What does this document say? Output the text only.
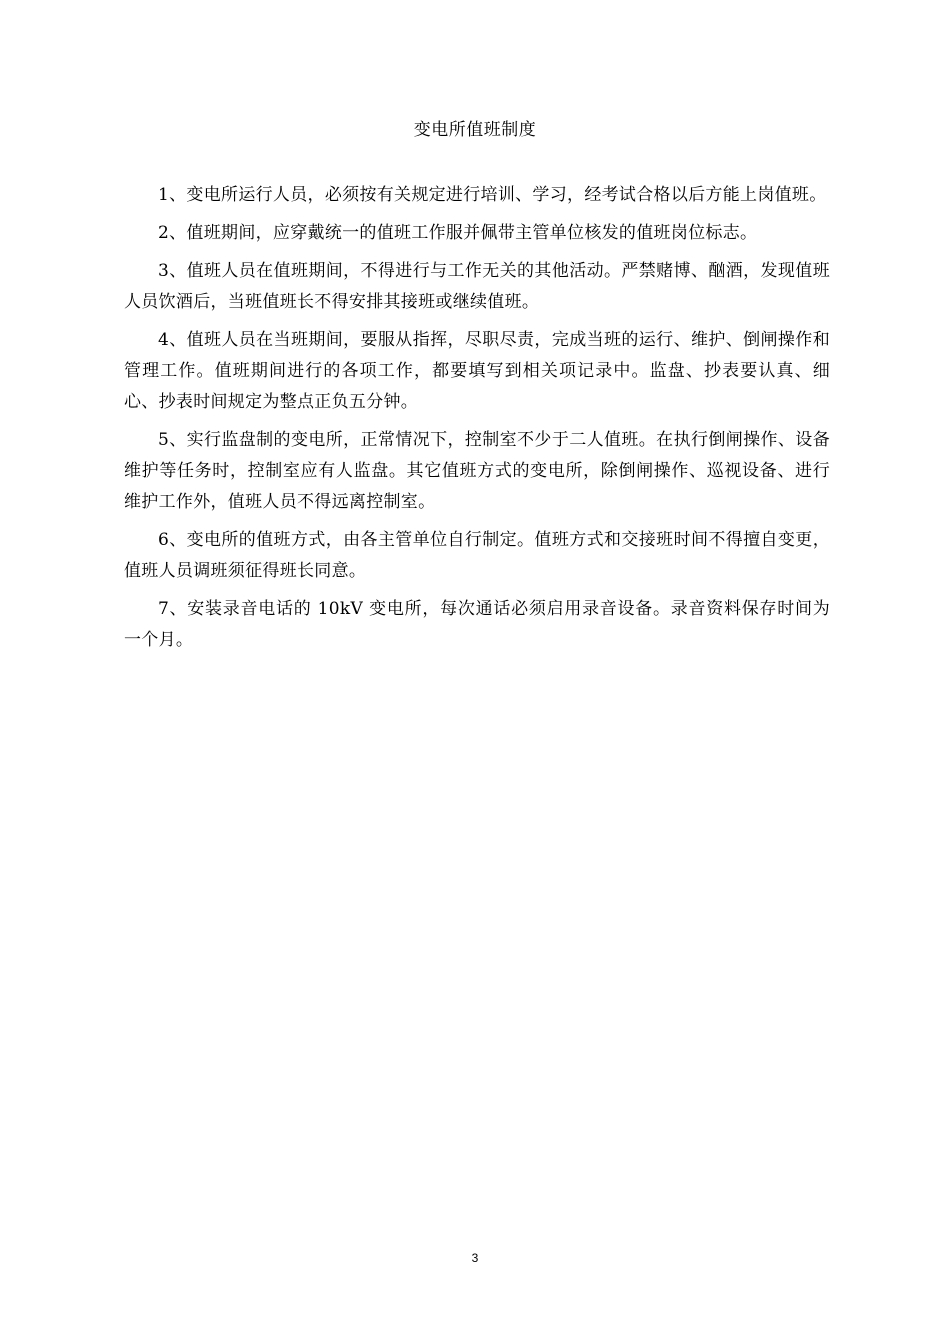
变电所值班制度

1、变电所运行人员，必须按有关规定进行培训、学习，经考试合格以后方能上岗值班。

2、值班期间，应穿戴统一的值班工作服并佩带主管单位核发的值班岗位标志。

3、值班人员在值班期间，不得进行与工作无关的其他活动。严禁赌博、酗酒，发现值班人员饮酒后，当班值班长不得安排其接班或继续值班。

4、值班人员在当班期间，要服从指挥，尽职尽责，完成当班的运行、维护、倒闸操作和管理工作。值班期间进行的各项工作，都要填写到相关项记录中。监盘、抄表要认真、细心、抄表时间规定为整点正负五分钟。

5、实行监盘制的变电所，正常情况下，控制室不少于二人值班。在执行倒闸操作、设备维护等任务时，控制室应有人监盘。其它值班方式的变电所，除倒闸操作、巡视设备、进行维护工作外，值班人员不得远离控制室。

6、变电所的值班方式，由各主管单位自行制定。值班方式和交接班时间不得擅自变更，值班人员调班须征得班长同意。

7、安装录音电话的 10kV 变电所，每次通话必须启用录音设备。录音资料保存时间为一个月。

3
